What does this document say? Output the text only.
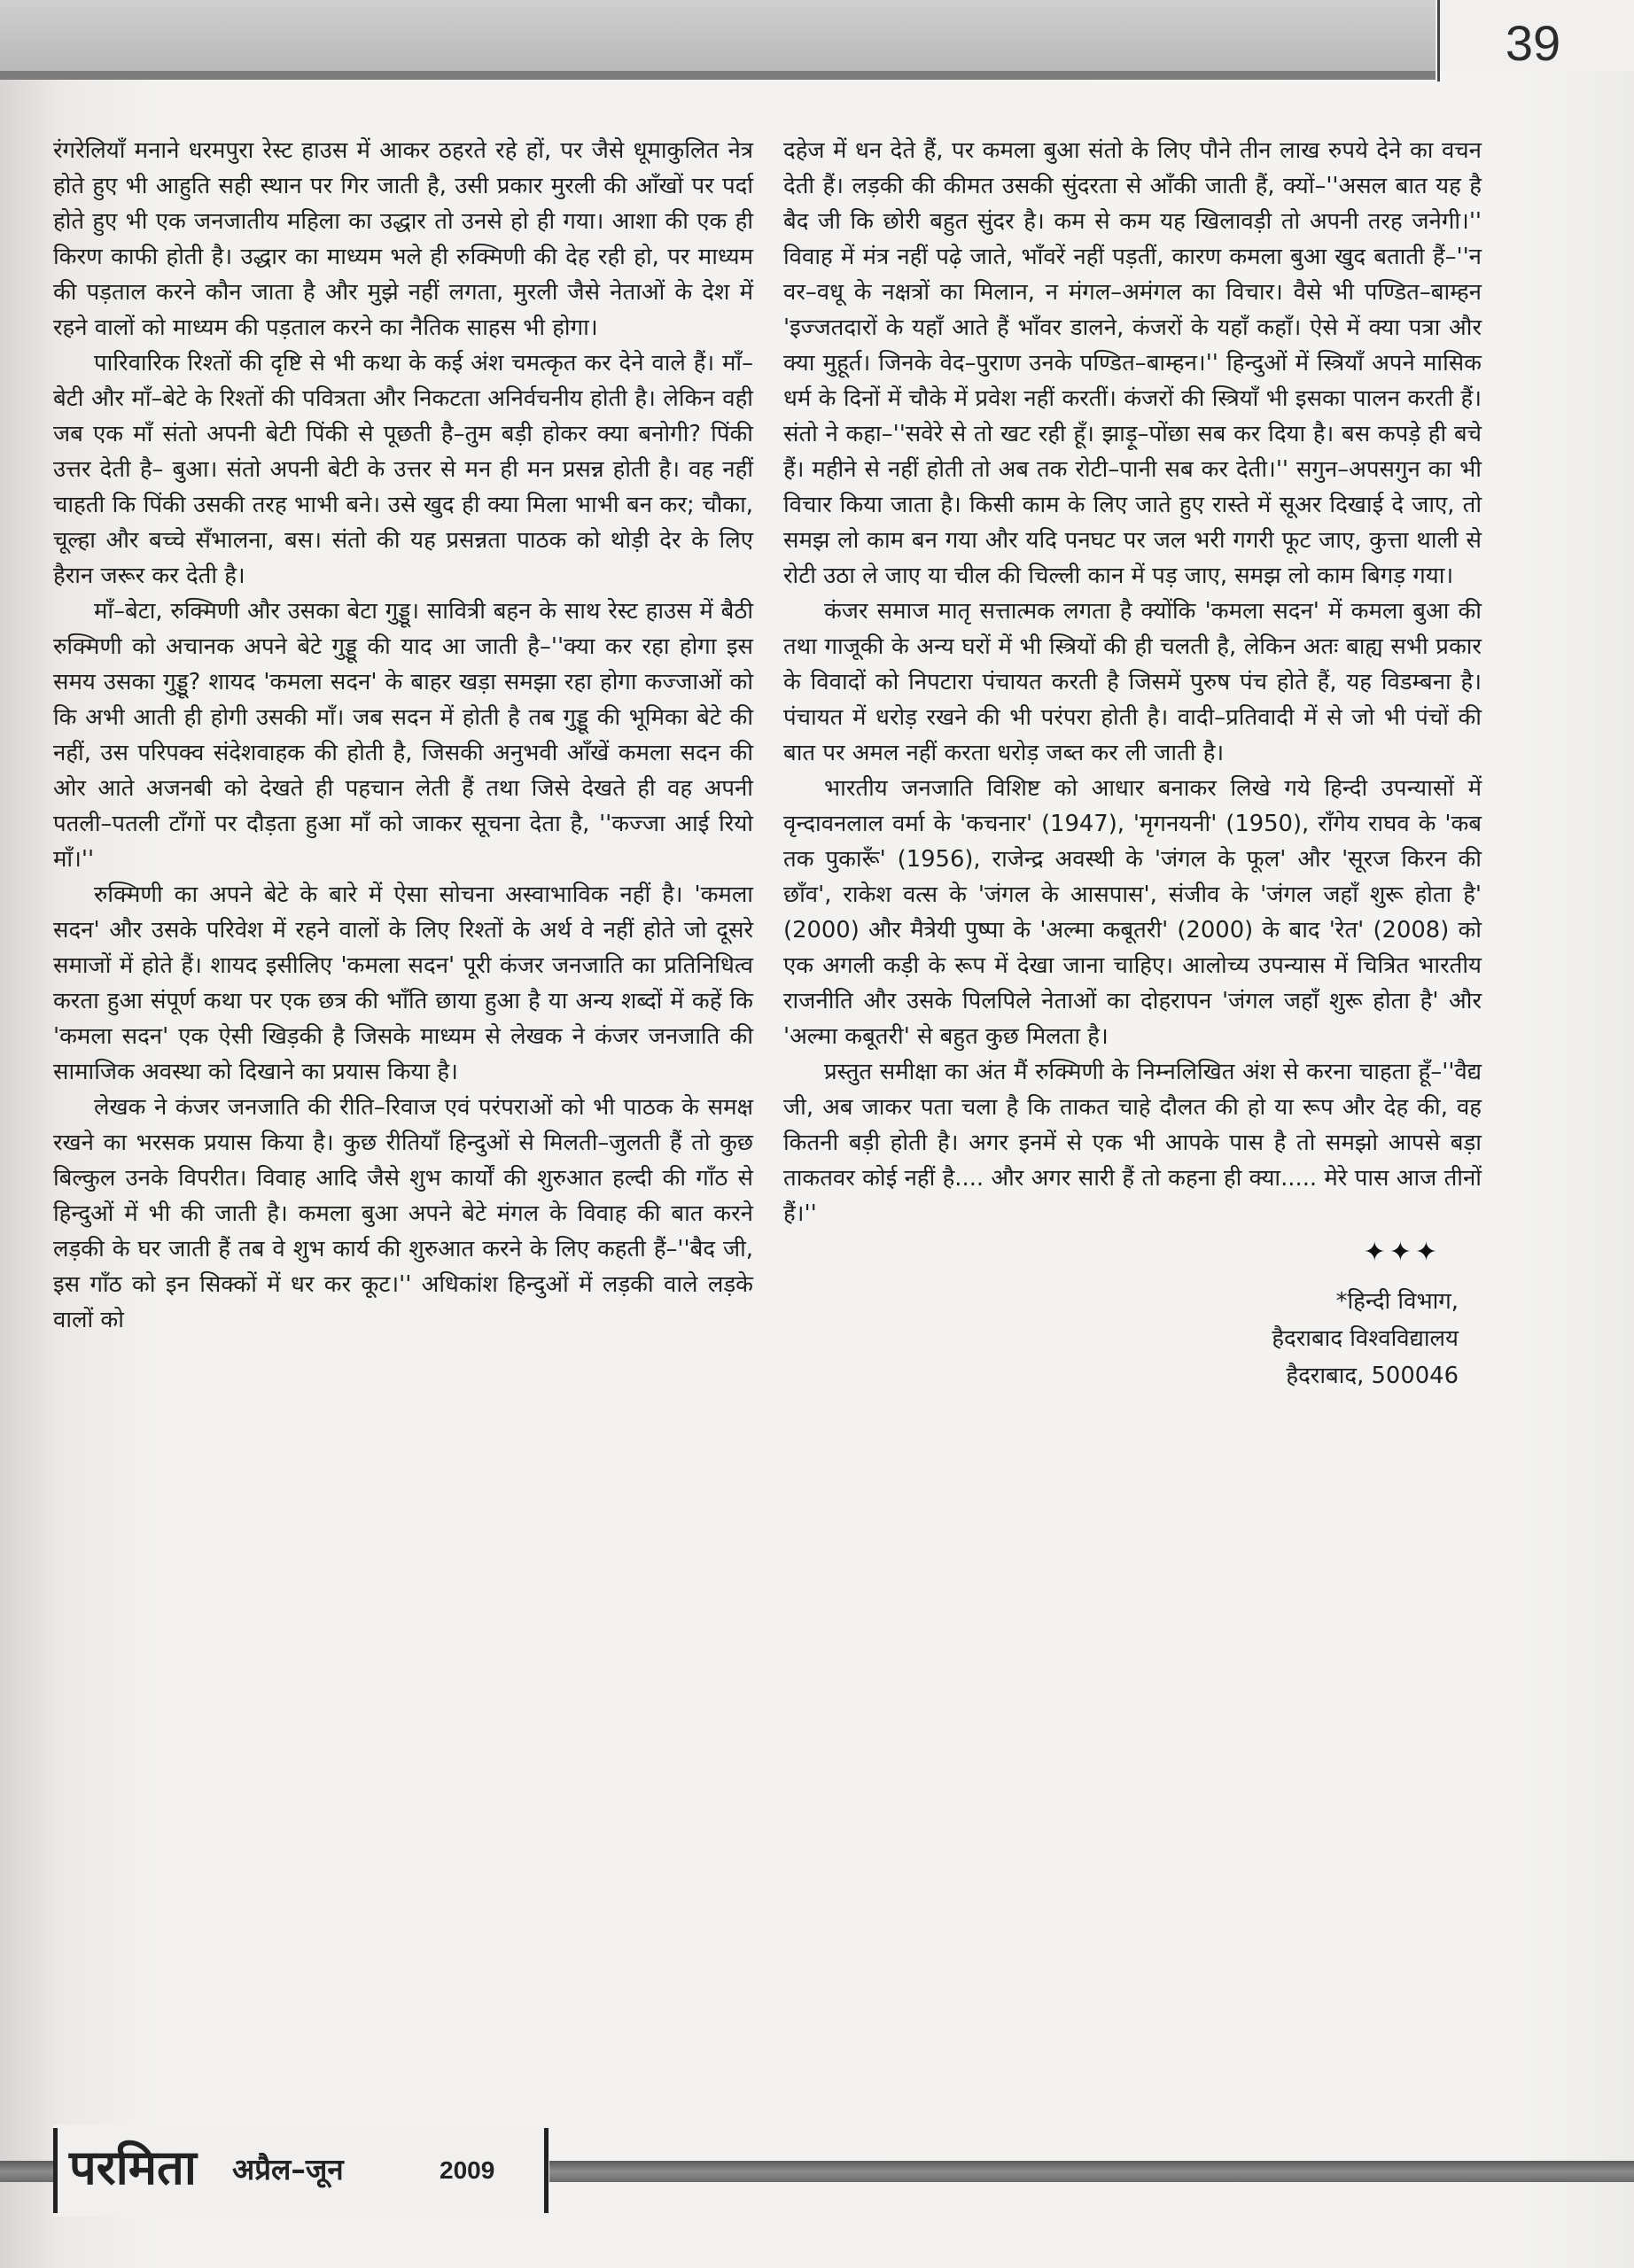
39

रंगरेलियाँ मनाने धरमपुरा रेस्ट हाउस में आकर ठहरते रहे हों, पर जैसे धूमाकुलित नेत्र होते हुए भी आहुति सही स्थान पर गिर जाती है, उसी प्रकार मुरली की आँखों पर पर्दा होते हुए भी एक जनजातीय महिला का उद्धार तो उनसे हो ही गया। आशा की एक ही किरण काफी होती है। उद्धार का माध्यम भले ही रुक्मिणी की देह रही हो, पर माध्यम की पड़ताल करने कौन जाता है और मुझे नहीं लगता, मुरली जैसे नेताओं के देश में रहने वालों को माध्यम की पड़ताल करने का नैतिक साहस भी होगा।

पारिवारिक रिश्तों की दृष्टि से भी कथा के कई अंश चमत्कृत कर देने वाले हैं। माँ–बेटी और माँ–बेटे के रिश्तों की पवित्रता और निकटता अनिर्वचनीय होती है। लेकिन वही जब एक माँ संतो अपनी बेटी पिंकी से पूछती है–तुम बड़ी होकर क्या बनोगी? पिंकी उत्तर देती है– बुआ। संतो अपनी बेटी के उत्तर से मन ही मन प्रसन्न होती है। वह नहीं चाहती कि पिंकी उसकी तरह भाभी बने। उसे खुद ही क्या मिला भाभी बन कर; चौका, चूल्हा और बच्चे सँभालना, बस। संतो की यह प्रसन्नता पाठक को थोड़ी देर के लिए हैरान जरूर कर देती है।

माँ–बेटा, रुक्मिणी और उसका बेटा गुड्डू। सावित्री बहन के साथ रेस्ट हाउस में बैठी रुक्मिणी को अचानक अपने बेटे गुड्डू की याद आ जाती है–''क्या कर रहा होगा इस समय उसका गुड्डू? शायद 'कमला सदन' के बाहर खड़ा समझा रहा होगा कज्जाओं को कि अभी आती ही होगी उसकी माँ। जब सदन में होती है तब गुड्डू की भूमिका बेटे की नहीं, उस परिपक्व संदेशवाहक की होती है, जिसकी अनुभवी आँखें कमला सदन की ओर आते अजनबी को देखते ही पहचान लेती हैं तथा जिसे देखते ही वह अपनी पतली–पतली टाँगों पर दौड़ता हुआ माँ को जाकर सूचना देता है, ''कज्जा आई रियो माँ।''

रुक्मिणी का अपने बेटे के बारे में ऐसा सोचना अस्वाभाविक नहीं है। 'कमला सदन' और उसके परिवेश में रहने वालों के लिए रिश्तों के अर्थ वे नहीं होते जो दूसरे समाजों में होते हैं। शायद इसीलिए 'कमला सदन' पूरी कंजर जनजाति का प्रतिनिधित्व करता हुआ संपूर्ण कथा पर एक छत्र की भाँति छाया हुआ है या अन्य शब्दों में कहें कि 'कमला सदन' एक ऐसी खिड़की है जिसके माध्यम से लेखक ने कंजर जनजाति की सामाजिक अवस्था को दिखाने का प्रयास किया है।

लेखक ने कंजर जनजाति की रीति–रिवाज एवं परंपराओं को भी पाठक के समक्ष रखने का भरसक प्रयास किया है। कुछ रीतियाँ हिन्दुओं से मिलती–जुलती हैं तो कुछ बिल्कुल उनके विपरीत। विवाह आदि जैसे शुभ कार्यों की शुरुआत हल्दी की गाँठ से हिन्दुओं में भी की जाती है। कमला बुआ अपने बेटे मंगल के विवाह की बात करने लड़की के घर जाती हैं तब वे शुभ कार्य की शुरुआत करने के लिए कहती हैं–''बैद जी, इस गाँठ को इन सिक्कों में धर कर कूट।'' अधिकांश हिन्दुओं में लड़की वाले लड़के वालों को

दहेज में धन देते हैं, पर कमला बुआ संतो के लिए पौने तीन लाख रुपये देने का वचन देती हैं। लड़की की कीमत उसकी सुंदरता से आँकी जाती हैं, क्यों–''असल बात यह है बैद जी कि छोरी बहुत सुंदर है। कम से कम यह खिलावड़ी तो अपनी तरह जनेगी।'' विवाह में मंत्र नहीं पढ़े जाते, भाँवरें नहीं पड़तीं, कारण कमला बुआ खुद बताती हैं–''न वर–वधू के नक्षत्रों का मिलान, न मंगल–अमंगल का विचार। वैसे भी पण्डित–बाम्हन 'इज्जतदारों के यहाँ आते हैं भाँवर डालने, कंजरों के यहाँ कहाँ। ऐसे में क्या पत्रा और क्या मुहूर्त। जिनके वेद–पुराण उनके पण्डित–बाम्हन।'' हिन्दुओं में स्त्रियाँ अपने मासिक धर्म के दिनों में चौके में प्रवेश नहीं करतीं। कंजरों की स्त्रियाँ भी इसका पालन करती हैं। संतो ने कहा–''सवेरे से तो खट रही हूँ। झाड़ू–पोंछा सब कर दिया है। बस कपड़े ही बचे हैं। महीने से नहीं होती तो अब तक रोटी–पानी सब कर देती।'' सगुन–अपसगुन का भी विचार किया जाता है। किसी काम के लिए जाते हुए रास्ते में सूअर दिखाई दे जाए, तो समझ लो काम बन गया और यदि पनघट पर जल भरी गगरी फूट जाए, कुत्ता थाली से रोटी उठा ले जाए या चील की चिल्ली कान में पड़ जाए, समझ लो काम बिगड़ गया।

कंजर समाज मातृ सत्तात्मक लगता है क्योंकि 'कमला सदन' में कमला बुआ की तथा गाजूकी के अन्य घरों में भी स्त्रियों की ही चलती है, लेकिन अतः बाह्य सभी प्रकार के विवादों को निपटारा पंचायत करती है जिसमें पुरुष पंच होते हैं, यह विडम्बना है। पंचायत में धरोड़ रखने की भी परंपरा होती है। वादी–प्रतिवादी में से जो भी पंचों की बात पर अमल नहीं करता धरोड़ जब्त कर ली जाती है।

भारतीय जनजाति विशिष्ट को आधार बनाकर लिखे गये हिन्दी उपन्यासों में वृन्दावनलाल वर्मा के 'कचनार' (1947), 'मृगनयनी' (1950), राँगेय राघव के 'कब तक पुकारूँ' (1956), राजेन्द्र अवस्थी के 'जंगल के फूल' और 'सूरज किरन की छाँव', राकेश वत्स के 'जंगल के आसपास', संजीव के 'जंगल जहाँ शुरू होता है' (2000) और मैत्रेयी पुष्पा के 'अल्मा कबूतरी' (2000) के बाद 'रेत' (2008) को एक अगली कड़ी के रूप में देखा जाना चाहिए। आलोच्य उपन्यास में चित्रित भारतीय राजनीति और उसके पिलपिले नेताओं का दोहरापन 'जंगल जहाँ शुरू होता है' और 'अल्मा कबूतरी' से बहुत कुछ मिलता है।

प्रस्तुत समीक्षा का अंत मैं रुक्मिणी के निम्नलिखित अंश से करना चाहता हूँ–''वैद्य जी, अब जाकर पता चला है कि ताकत चाहे दौलत की हो या रूप और देह की, वह कितनी बड़ी होती है। अगर इनमें से एक भी आपके पास है तो समझो आपसे बड़ा ताकतवर कोई नहीं है.... और अगर सारी हैं तो कहना ही क्या..... मेरे पास आज तीनों हैं।''

✦✦✦
*हिन्दी विभाग,
हैदराबाद विश्वविद्यालय
हैदराबाद, 500046
परमिता अप्रैल–जून	2009
